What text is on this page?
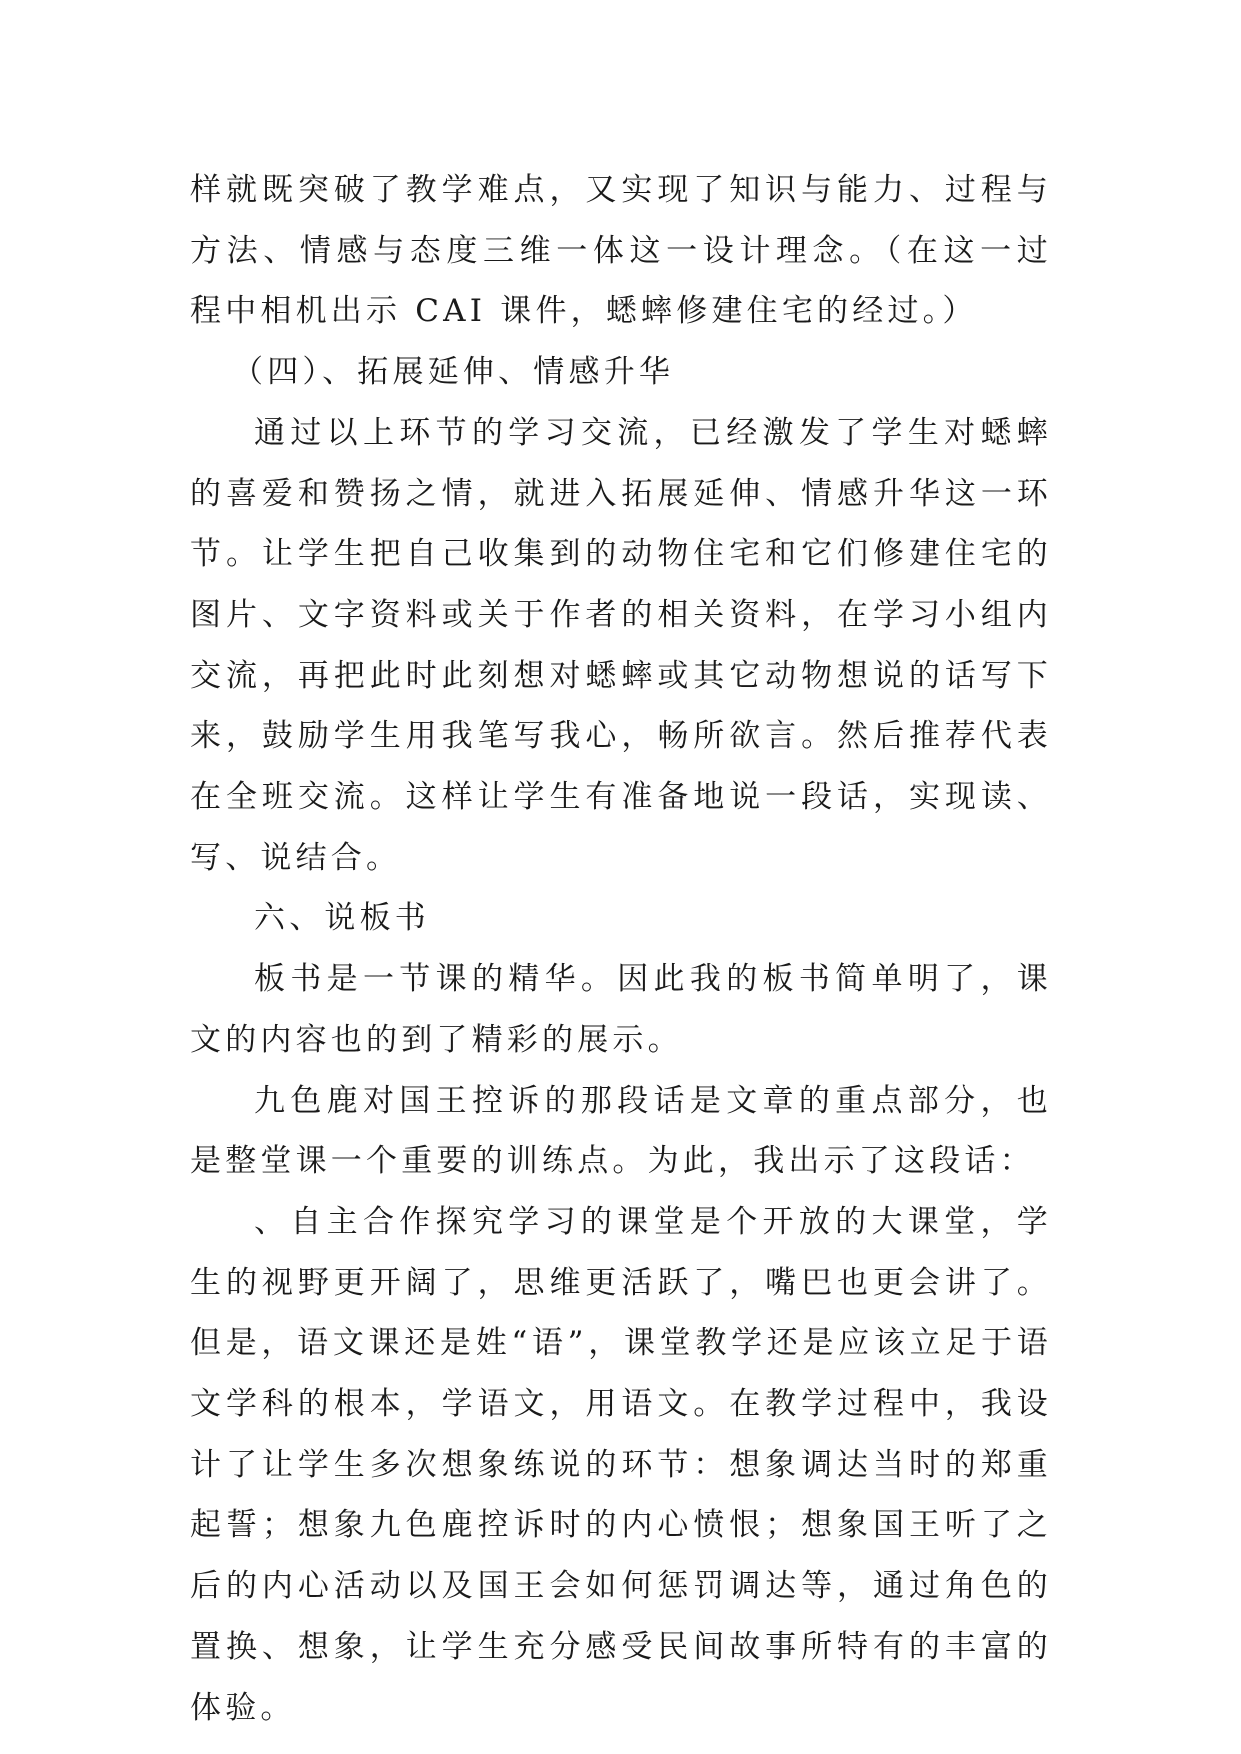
样就既突破了教学难点，又实现了知识与能力、过程与方法、情感与态度三维一体这一设计理念。（在这一过程中相机出示 CAI 课件，蟋蟀修建住宅的经过。）

（四）、拓展延伸、情感升华

通过以上环节的学习交流，已经激发了学生对蟋蟀的喜爱和赞扬之情，就进入拓展延伸、情感升华这一环节。让学生把自己收集到的动物住宅和它们修建住宅的图片、文字资料或关于作者的相关资料，在学习小组内交流，再把此时此刻想对蟋蟀或其它动物想说的话写下来，鼓励学生用我笔写我心，畅所欲言。然后推荐代表在全班交流。这样让学生有准备地说一段话，实现读、写、说结合。

六、说板书

板书是一节课的精华。因此我的板书简单明了，课文的内容也的到了精彩的展示。

九色鹿对国王控诉的那段话是文章的重点部分，也是整堂课一个重要的训练点。为此，我出示了这段话：

、自主合作探究学习的课堂是个开放的大课堂，学生的视野更开阔了，思维更活跃了，嘴巴也更会讲了。但是，语文课还是姓“语”，课堂教学还是应该立足于语文学科的根本，学语文，用语文。在教学过程中，我设计了让学生多次想象练说的环节：想象调达当时的郑重起誓；想象九色鹿控诉时的内心愤恨；想象国王听了之后的内心活动以及国王会如何惩罚调达等，通过角色的置换、想象，让学生充分感受民间故事所特有的丰富的体验。
